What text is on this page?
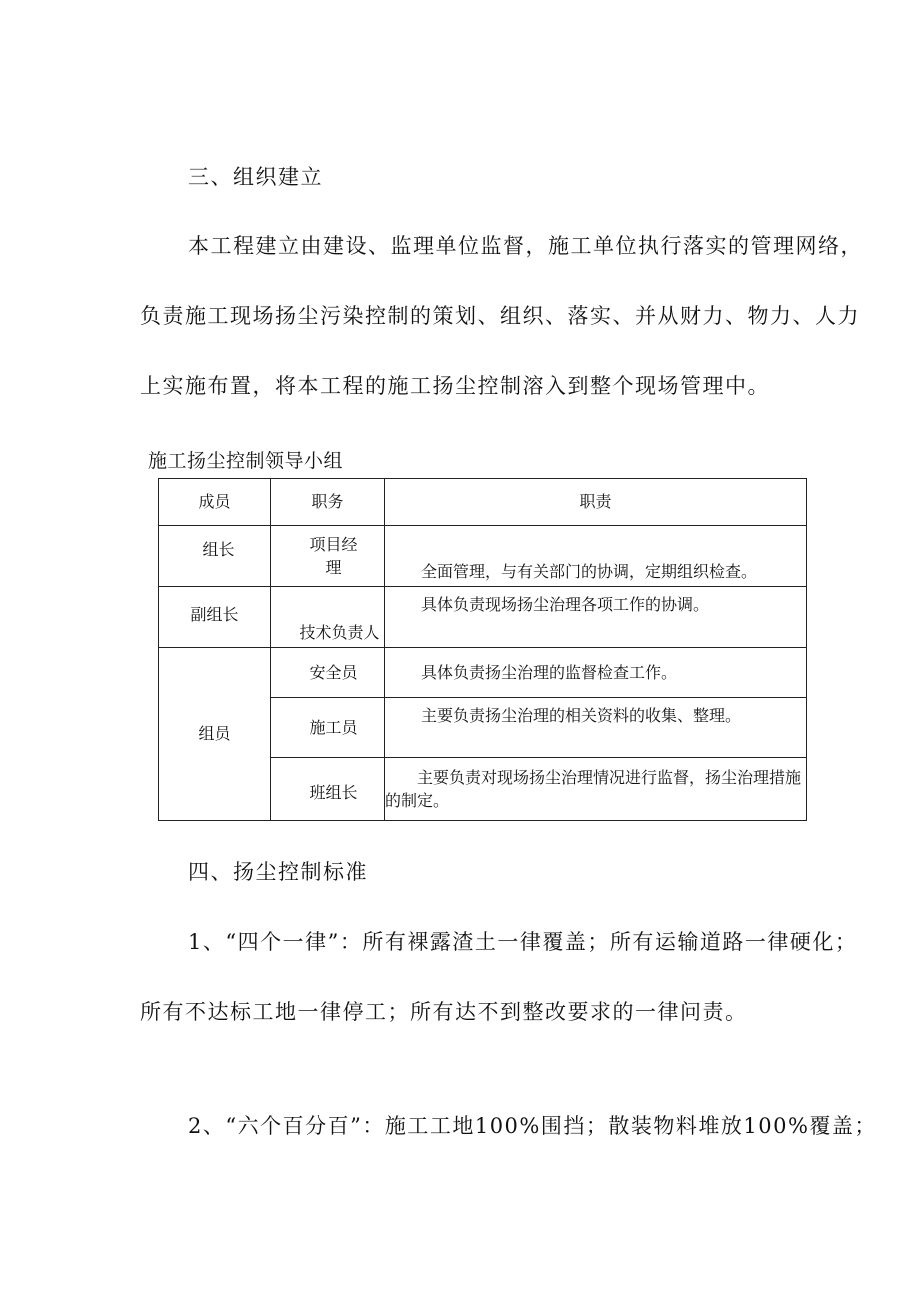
三、组织建立
本工程建立由建设、监理单位监督，施工单位执行落实的管理网络，
负责施工现场扬尘污染控制的策划、组织、落实、并从财力、物力、人力
上实施布置，将本工程的施工扬尘控制溶入到整个现场管理中。
施工扬尘控制领导小组
成员	职务	职责
组长	项目经理	全面管理，与有关部门的协调，定期组织检查。

副组长	技术负责人	具体负责现场扬尘治理各项工作的协调。

组员	安全员	具体负责扬尘治理的监督检查工作。

	施工员	主要负责扬尘治理的相关资料的收集、整理。

	班组长	主要负责对现场扬尘治理情况进行监督，扬尘治理措施的制定。
四、扬尘控制标准
1、“四个一律”：所有裸露渣土一律覆盖；所有运输道路一律硬化；
所有不达标工地一律停工；所有达不到整改要求的一律问责。
2、“六个百分百”：施工工地100%围挡；散装物料堆放100%覆盖；
